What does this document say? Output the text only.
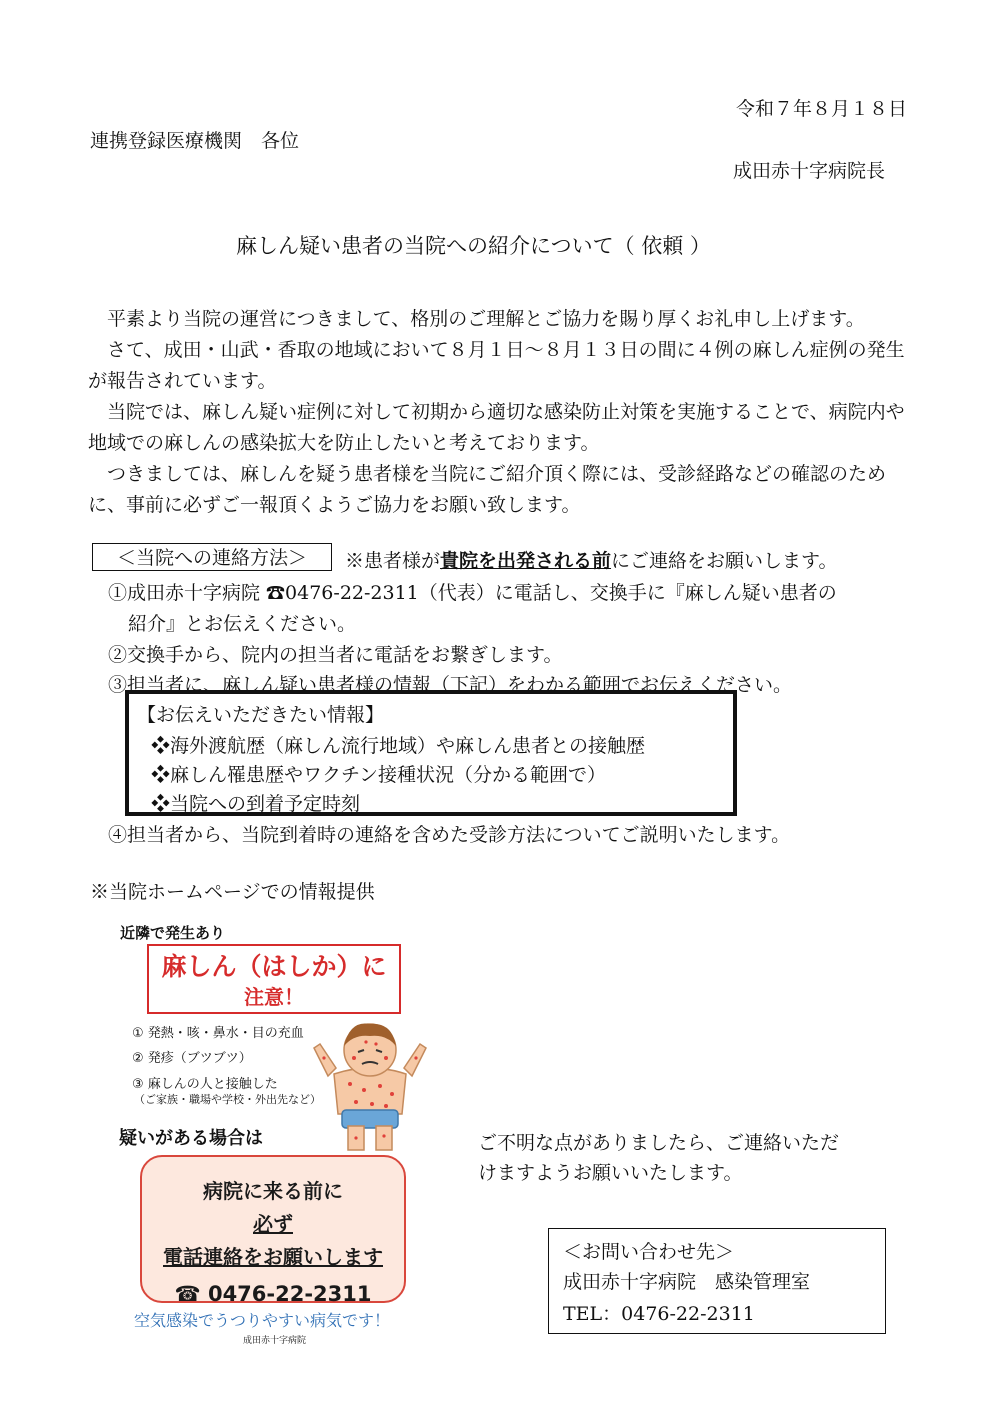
令和７年８月１８日
連携登録医療機関　各位
成田赤十字病院長
麻しん疑い患者の当院への紹介について（ 依頼 ）

平素より当院の運営につきまして、格別のご理解とご協力を賜り厚くお礼申し上げます。

さて、成田・山武・香取の地域において８月１日～８月１３日の間に４例の麻しん症例の発生が報告されています。

当院では、麻しん疑い症例に対して初期から適切な感染防止対策を実施することで、病院内や地域での麻しんの感染拡大を防止したいと考えております。

つきましては、麻しんを疑う患者様を当院にご紹介頂く際には、受診経路などの確認のために、事前に必ずご一報頂くようご協力をお願い致します。

＜当院への連絡方法＞	※患者様が貴院を出発される前にご連絡をお願いします。
①成田赤十字病院 ☎0476‐22‐2311（代表）に電話し、交換手に『麻しん疑い患者の
紹介』とお伝えください。
②交換手から、院内の担当者に電話をお繋ぎします。
③担当者に、麻しん疑い患者様の情報（下記）をわかる範囲でお伝えください。
【お伝えいただきたい情報】
❖海外渡航歴（麻しん流行地域）や麻しん患者との接触歴
❖麻しん罹患歴やワクチン接種状況（分かる範囲で）
❖当院への到着予定時刻
④担当者から、当院到着時の連絡を含めた受診方法についてご説明いたします。
※当院ホームページでの情報提供
近隣で発生あり
麻しん（はしか）に
注意！
① 発熱・咳・鼻水・目の充血
② 発疹（ブツブツ）
③ 麻しんの人と接触した
（ご家族・職場や学校・外出先など）
疑いがある場合は
病院に来る前に
必ず
電話連絡をお願いします
☎ 0476-22-2311
空気感染でうつりやすい病気です！
成田赤十字病院
ご不明な点がありましたら、ご連絡いただ
けますようお願いいたします。
＜お問い合わせ先＞
成田赤十字病院　感染管理室
TEL：0476-22-2311
